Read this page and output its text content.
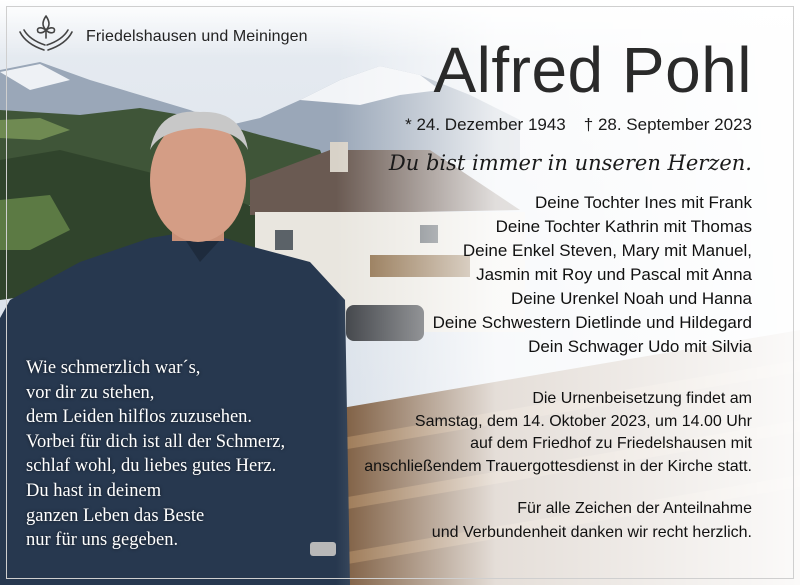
Friedelshausen und Meiningen Alfred Pohl
* 24. Dezember 1943 † 28. September 2023
Du bist immer in unseren Herzen.
Deine Tochter Ines mit Frank
Deine Tochter Kathrin mit Thomas
Deine Enkel Steven, Mary mit Manuel,
Jasmin mit Roy und Pascal mit Anna
Deine Urenkel Noah und Hanna
Deine Schwestern Dietlinde und Hildegard
Dein Schwager Udo mit Silvia
Die Urnenbeisetzung findet am
Samstag, dem 14. Oktober 2023, um 14.00 Uhr
auf dem Friedhof zu Friedelshausen mit
anschließendem Trauergottesdienst in der Kirche statt.
Für alle Zeichen der Anteilnahme
und Verbundenheit danken wir recht herzlich.
Wie schmerzlich war´s,
vor dir zu stehen,
dem Leiden hilflos zuzusehen.
Vorbei für dich ist all der Schmerz,
schlaf wohl, du liebes gutes Herz.
Du hast in deinem
ganzen Leben das Beste
nur für uns gegeben.
